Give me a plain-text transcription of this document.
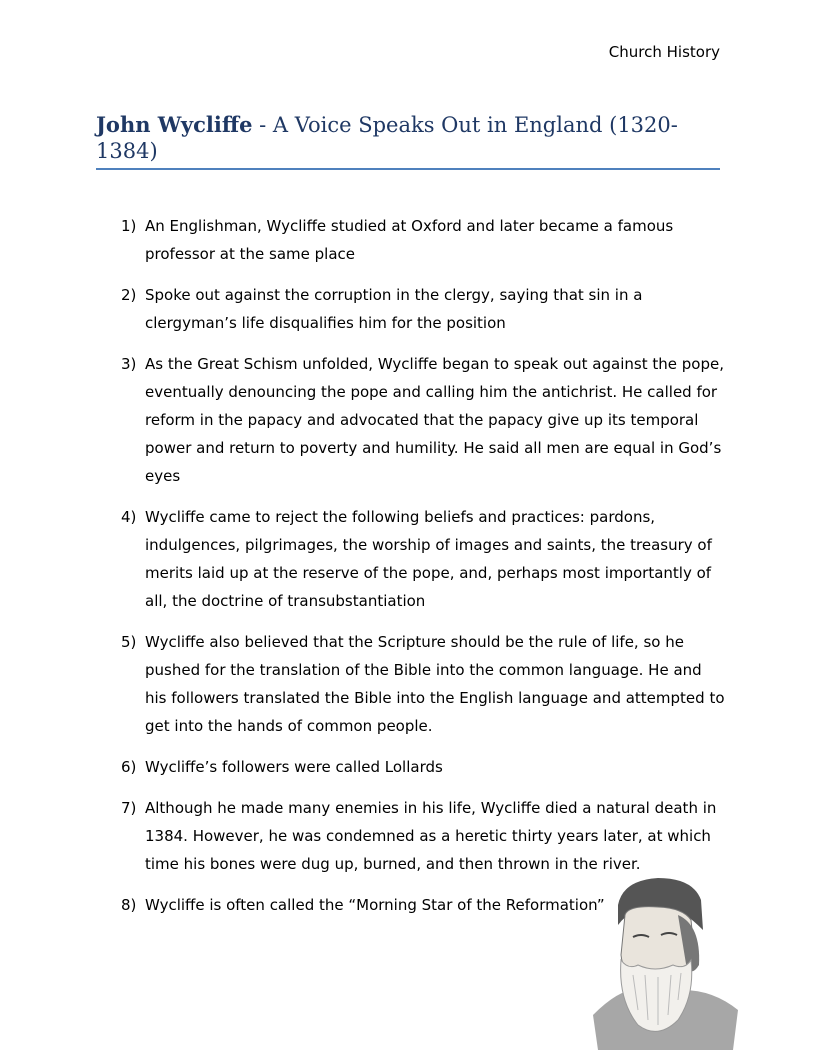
Church History
John Wycliffe - A Voice Speaks Out in England (1320-1384)
1) An Englishman, Wycliffe studied at Oxford and later became a famous professor at the same place
2) Spoke out against the corruption in the clergy, saying that sin in a clergyman’s life disqualifies him for the position
3) As the Great Schism unfolded, Wycliffe began to speak out against the pope, eventually denouncing the pope and calling him the antichrist. He called for reform in the papacy and advocated that the papacy give up its temporal power and return to poverty and humility. He said all men are equal in God’s eyes
4) Wycliffe came to reject the following beliefs and practices: pardons, indulgences, pilgrimages, the worship of images and saints, the treasury of merits laid up at the reserve of the pope, and, perhaps most importantly of all, the doctrine of transubstantiation
5) Wycliffe also believed that the Scripture should be the rule of life, so he pushed for the translation of the Bible into the common language. He and his followers translated the Bible into the English language and attempted to get into the hands of common people.
6) Wycliffe’s followers were called Lollards
7) Although he made many enemies in his life, Wycliffe died a natural death in 1384. However, he was condemned as a heretic thirty years later, at which time his bones were dug up, burned, and then thrown in the river.
8) Wycliffe is often called the “Morning Star of the Reformation”
